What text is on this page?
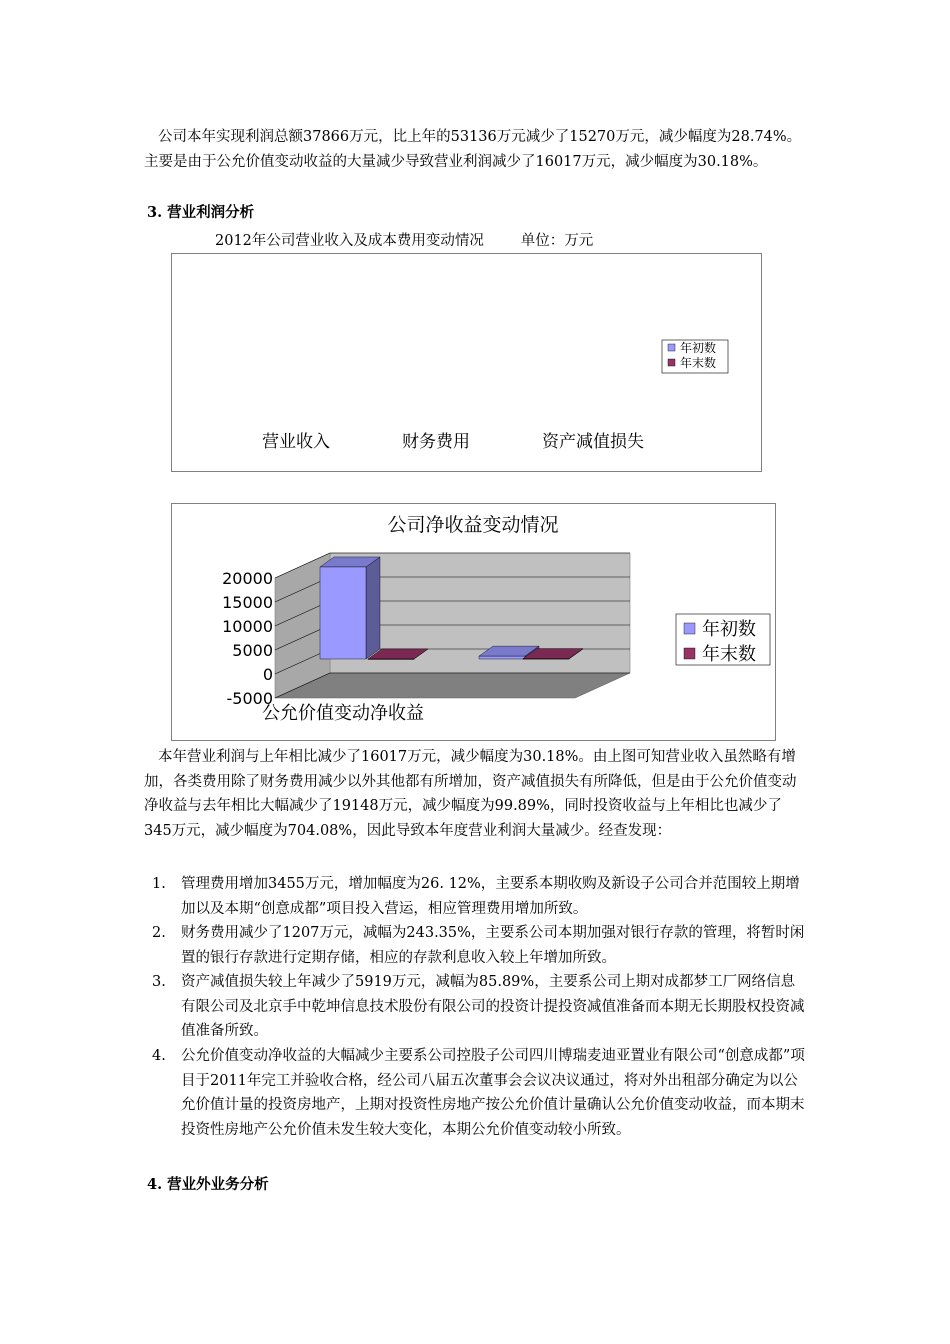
公司本年实现利润总额37866万元，比上年的53136万元减少了15270万元，减少幅度为28.74%。主要是由于公允价值变动收益的大量减少导致营业利润减少了16017万元，减少幅度为30.18%。
3. 营业利润分析
2012年公司营业收入及成本费用变动情况        单位：万元
营业收入	财务费用	资产减值损失
年初数
年末数
公司净收益变动情况
20000
15000
10000
5000
0
-5000
公允价值变动净收益
年初数
年末数
本年营业利润与上年相比减少了16017万元，减少幅度为30.18%。由上图可知营业收入虽然略有增加，各类费用除了财务费用减少以外其他都有所增加，资产减值损失有所降低，但是由于公允价值变动净收益与去年相比大幅减少了19148万元，减少幅度为99.89%，同时投资收益与上年相比也减少了345万元，减少幅度为704.08%，因此导致本年度营业利润大量减少。经查发现：
1. 管理费用增加3455万元，增加幅度为26. 12%，主要系本期收购及新设子公司合并范围较上期增加以及本期“创意成都”项目投入营运，相应管理费用增加所致。
2. 财务费用减少了1207万元，减幅为243.35%，主要系公司本期加强对银行存款的管理，将暂时闲置的银行存款进行定期存储，相应的存款利息收入较上年增加所致。
3. 资产减值损失较上年减少了5919万元，减幅为85.89%，主要系公司上期对成都梦工厂网络信息有限公司及北京手中乾坤信息技术股份有限公司的投资计提投资减值准备而本期无长期股权投资减值准备所致。
4. 公允价值变动净收益的大幅减少主要系公司控股子公司四川博瑞麦迪亚置业有限公司“创意成都”项目于2011年完工并验收合格，经公司八届五次董事会会议决议通过，将对外出租部分确定为以公允价值计量的投资房地产，上期对投资性房地产按公允价值计量确认公允价值变动收益，而本期末投资性房地产公允价值未发生较大变化，本期公允价值变动较小所致。
4. 营业外业务分析
